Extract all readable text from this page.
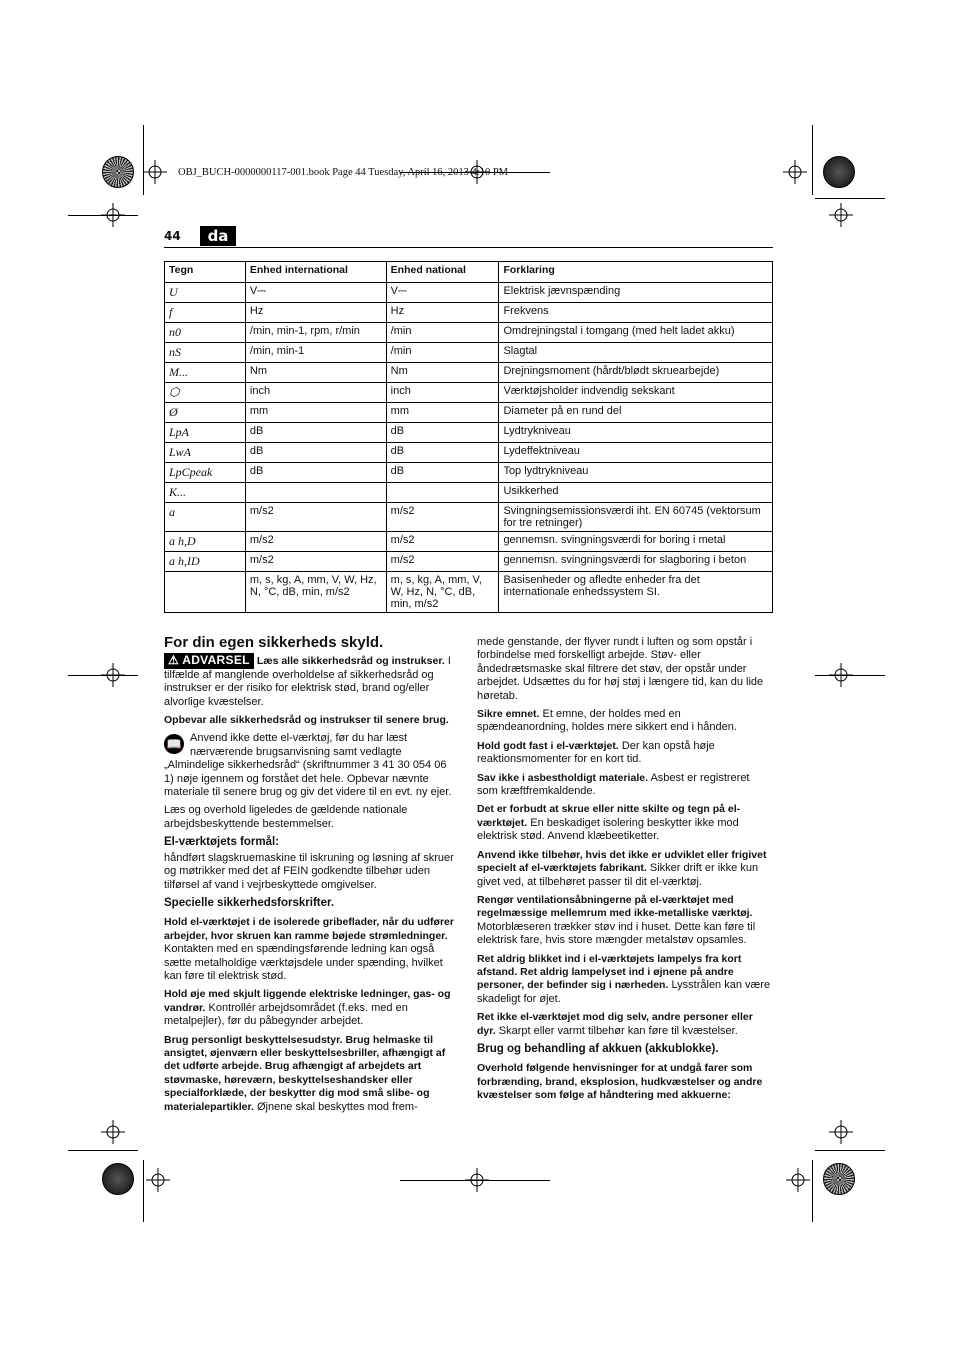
OBJ_BUCH-0000000117-001.book Page 44 Tuesday, April 16, 2013 4:10 PM
44	da
Tegn	Enhed international	Enhed national	Forklaring
U	V⎓	V⎓	Elektrisk jævnspænding
f	Hz	Hz	Frekvens
n0	/min, min-1, rpm, r/min	/min	Omdrejningstal i tomgang (med helt ladet akku)
nS	/min, min-1	/min	Slagtal
M...	Nm	Nm	Drejningsmoment (hårdt/blødt skruearbejde)
⬡	inch	inch	Værktøjsholder indvendig sekskant
Ø	mm	mm	Diameter på en rund del
LpA	dB	dB	Lydtrykniveau
LwA	dB	dB	Lydeffektniveau
LpCpeak	dB	dB	Top lydtrykniveau
K...			Usikkerhed
a	m/s2	m/s2	Svingningsemissionsværdi iht. EN 60745 (vektorsum for tre retninger)
a h,D	m/s2	m/s2	gennemsn. svingningsværdi for boring i metal
a h,ID	m/s2	m/s2	gennemsn. svingningsværdi for slagboring i beton
	m, s, kg, A, mm, V, W, Hz, N, °C, dB, min, m/s2	m, s, kg, A, mm, V, W, Hz, N, °C, dB, min, m/s2	Basisenheder og afledte enheder fra det internationale enhedssystem SI.
For din egen sikkerheds skyld.

⚠ ADVARSEL Læs alle sikkerhedsråd og instrukser. I tilfælde af manglende overholdelse af sikkerhedsråd og instrukser er der risiko for elektrisk stød, brand og/eller alvorlige kvæstelser.

Opbevar alle sikkerhedsråd og instrukser til senere brug.

📖 Anvend ikke dette el-værktøj, før du har læst nærværende brugsanvisning samt vedlagte „Almindelige sikkerhedsråd“ (skriftnummer 3 41 30 054 06 1) nøje igennem og forstået det hele. Opbevar nævnte materiale til senere brug og giv det videre til en evt. ny ejer.

Læs og overhold ligeledes de gældende nationale arbejdsbeskyttende bestemmelser.

El-værktøjets formål:

håndført slagskruemaskine til iskruning og løsning af skruer og møtrikker med det af FEIN godkendte tilbehør uden tilførsel af vand i vejrbeskyttede omgivelser.

Specielle sikkerhedsforskrifter.

Hold el-værktøjet i de isolerede gribeflader, når du udfører arbejder, hvor skruen kan ramme bøjede strømledninger. Kontakten med en spændingsførende ledning kan også sætte metalholdige værktøjsdele under spænding, hvilket kan føre til elektrisk stød.

Hold øje med skjult liggende elektriske ledninger, gas- og vandrør. Kontrollér arbejdsområdet (f.eks. med en metalpejler), før du påbegynder arbejdet.

Brug personligt beskyttelsesudstyr. Brug helmaske til ansigtet, øjenværn eller beskyttelsesbriller, afhængigt af det udførte arbejde. Brug afhængigt af arbejdets art støvmaske, høreværn, beskyttelseshandsker eller specialforklæde, der beskytter dig mod små slibe- og materialepartikler. Øjnene skal beskyttes mod frem-

mede genstande, der flyver rundt i luften og som opstår i forbindelse med forskelligt arbejde. Støv- eller åndedrætsmaske skal filtrere det støv, der opstår under arbejdet. Udsættes du for høj støj i længere tid, kan du lide høretab.

Sikre emnet. Et emne, der holdes med en spændeanordning, holdes mere sikkert end i hånden.

Hold godt fast i el-værktøjet. Der kan opstå høje reaktionsmomenter for en kort tid.

Sav ikke i asbestholdigt materiale. Asbest er registreret som kræftfremkaldende.

Det er forbudt at skrue eller nitte skilte og tegn på el-værktøjet. En beskadiget isolering beskytter ikke mod elektrisk stød. Anvend klæbeetiketter.

Anvend ikke tilbehør, hvis det ikke er udviklet eller frigivet specielt af el-værktøjets fabrikant. Sikker drift er ikke kun givet ved, at tilbehøret passer til dit el-værktøj.

Rengør ventilationsåbningerne på el-værktøjet med regelmæssige mellemrum med ikke-metalliske værktøj. Motorblæseren trækker støv ind i huset. Dette kan føre til elektrisk fare, hvis store mængder metalstøv opsamles.

Ret aldrig blikket ind i el-værktøjets lampelys fra kort afstand. Ret aldrig lampelyset ind i øjnene på andre personer, der befinder sig i nærheden. Lysstrålen kan være skadeligt for øjet.

Ret ikke el-værktøjet mod dig selv, andre personer eller dyr. Skarpt eller varmt tilbehør kan føre til kvæstelser.

Brug og behandling af akkuen (akkublokke).

Overhold følgende henvisninger for at undgå farer som forbrænding, brand, eksplosion, hudkvæstelser og andre kvæstelser som følge af håndtering med akkuerne:
